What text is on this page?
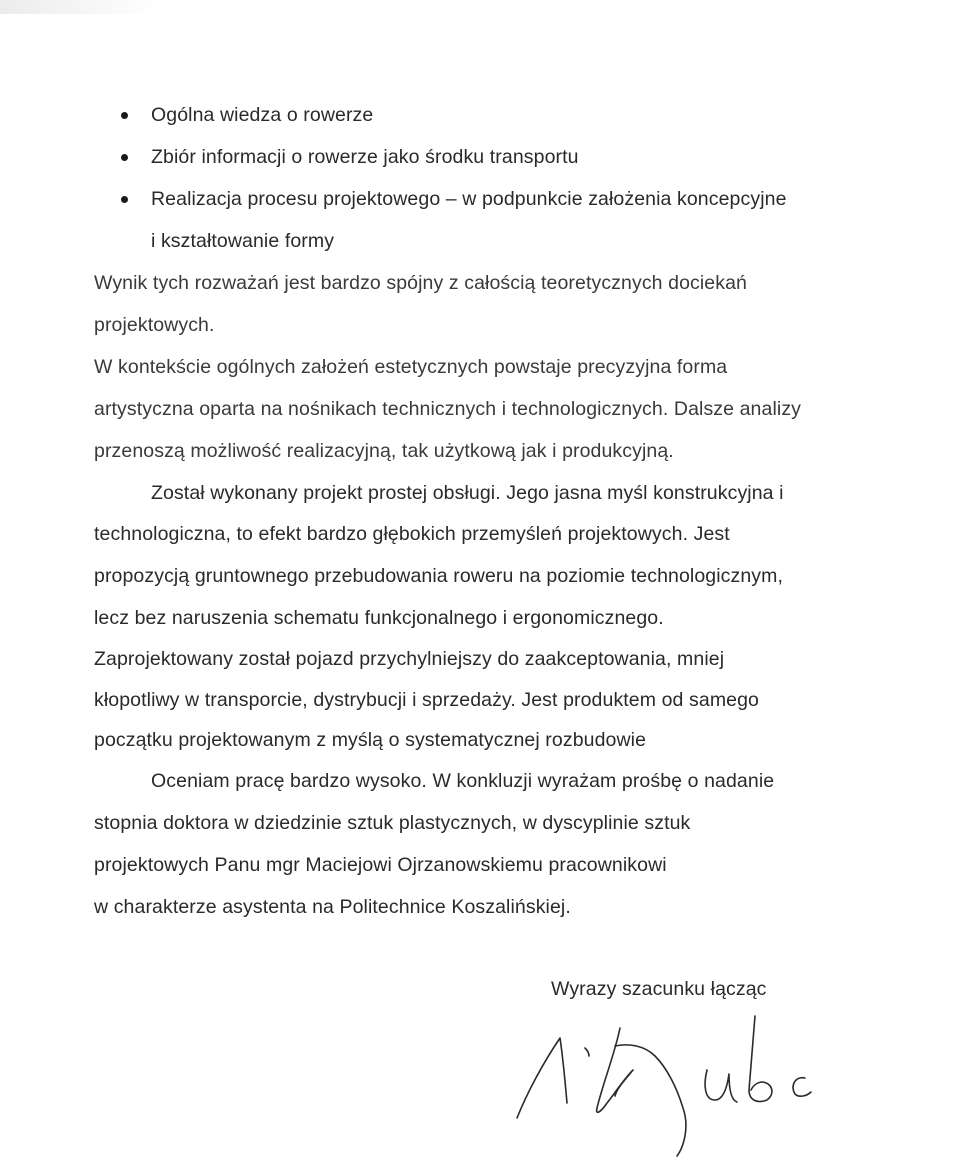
Ogólna wiedza o rowerze
Zbiór informacji o rowerze jako środku transportu
Realizacja procesu projektowego – w podpunkcie założenia koncepcyjne
i kształtowanie formy
Wynik tych rozważań jest bardzo spójny z całością teoretycznych dociekań
projektowych.
W kontekście ogólnych założeń estetycznych powstaje precyzyjna forma
artystyczna oparta na nośnikach technicznych i technologicznych. Dalsze analizy
przenoszą możliwość realizacyjną, tak użytkową jak i produkcyjną.
Został wykonany projekt prostej obsługi. Jego jasna myśl konstrukcyjna i
technologiczna, to efekt bardzo głębokich przemyśleń projektowych. Jest
propozycją gruntownego przebudowania roweru na poziomie technologicznym,
lecz bez naruszenia schematu funkcjonalnego i ergonomicznego.
Zaprojektowany został pojazd przychylniejszy do zaakceptowania, mniej
kłopotliwy w transporcie, dystrybucji i sprzedaży. Jest produktem od samego
początku projektowanym z myślą o systematycznej rozbudowie
Oceniam pracę bardzo wysoko. W konkluzji wyrażam prośbę o nadanie
stopnia doktora w dziedzinie sztuk plastycznych, w dyscyplinie sztuk
projektowych Panu mgr Maciejowi Ojrzanowskiemu pracownikowi
w charakterze asystenta na Politechnice Koszalińskiej.
Wyrazy szacunku łącząc
